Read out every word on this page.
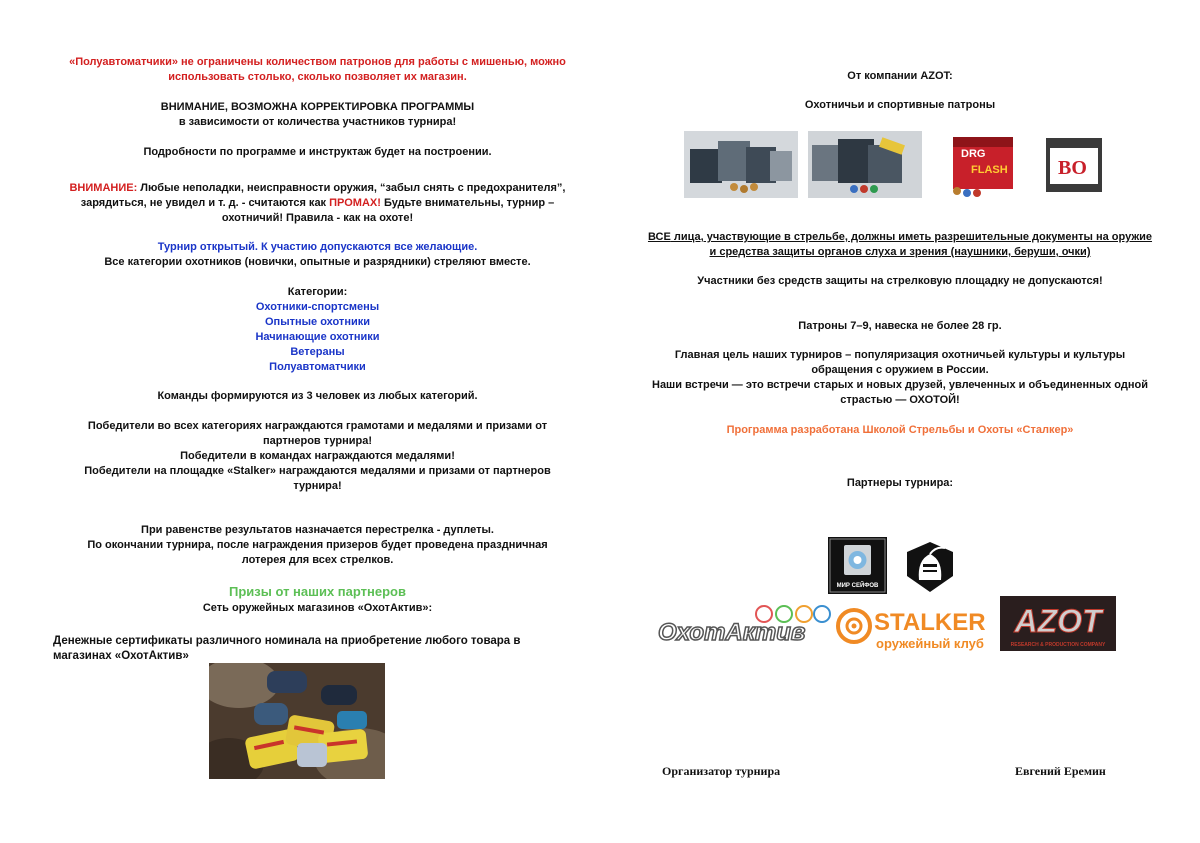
«Полуавтоматчики» не ограничены количеством патронов для работы с мишенью, можно
использовать столько, сколько позволяет их магазин.
ВНИМАНИЕ, ВОЗМОЖНА КОРРЕКТИРОВКА ПРОГРАММЫ
в зависимости от количества участников турнира!
Подробности по программе и инструктаж будет на построении.
ВНИМАНИЕ: Любые неполадки, неисправности оружия, “забыл снять с предохранителя”,
зарядиться, не увидел и т. д. - считаются как ПРОМАХ! Будьте внимательны, турнир –
охотничий! Правила - как на охоте!
Турнир открытый. К участию допускаются все желающие.
Все категории охотников (новички, опытные и разрядники) стреляют вместе.
Категории:
Охотники-спортсмены
Опытные охотники
Начинающие охотники
Ветераны
Полуавтоматчики
Команды формируются из 3 человек из любых категорий.
Победители во всех категориях награждаются грамотами и медалями и призами от
партнеров турнира!
Победители в командах награждаются медалями!
Победители на площадке «Stalker» награждаются медалями и призами от партнеров
турнира!
При равенстве результатов назначается перестрелка - дуплеты.
По окончании турнира, после награждения призеров будет проведена праздничная
лотерея для всех стрелков.
Призы от наших партнеров
Сеть оружейных магазинов «ОхотАктив»:
Денежные сертификаты различного номинала на приобретение любого товара в
магазинах «ОхотАктив»
От компании AZOT:
Охотничьи и спортивные патроны
DRG
FLASH	BO
ВСЕ лица, участвующие в стрельбе, должны иметь разрешительные документы на оружие
и средства защиты органов слуха и зрения (наушники, беруши, очки)
Участники без средств защиты на стрелковую площадку не допускаются!
Патроны 7–9, навеска не более 28 гр.
Главная цель наших турниров – популяризация охотничьей культуры и культуры
обращения с оружием в России.
Наши встречи — это встречи старых и новых друзей, увлеченных и объединенных одной
страстью — ОХОТОЙ!
Программа разработана Школой Стрельбы и Охоты «Сталкер»
Партнеры турнира:
МИР СЕЙФОВ
ОхотАктив	STALKER
оружейный клуб
AZOT
RESEARCH & PRODUCTION COMPANY
Организатор турнира	Евгений Еремин
